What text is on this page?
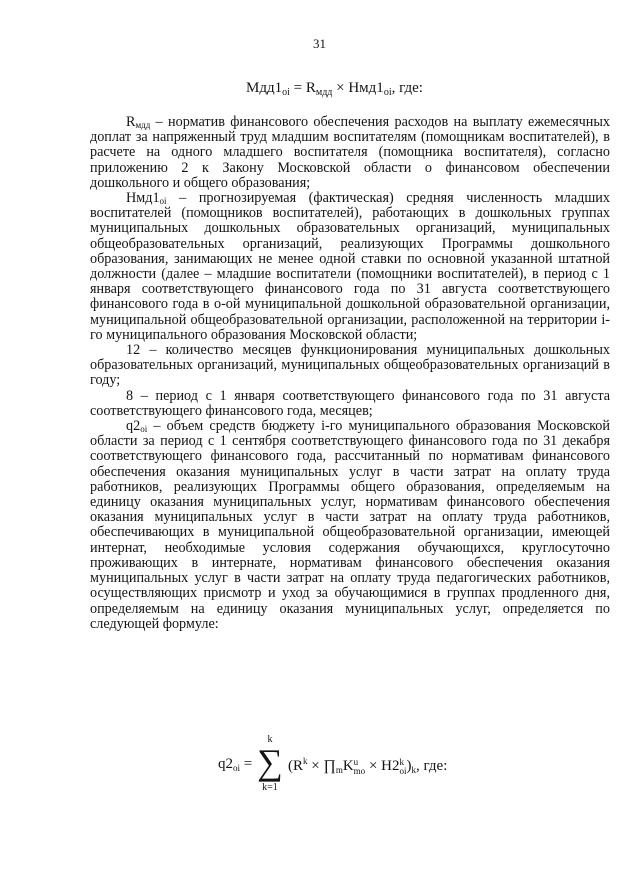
31
$Мдд1_{oi} = R_{мдд} \times Нмд1_{oi}$, где:

$R_{мдд}$ – норматив финансового обеспечения расходов на выплату ежемесячных доплат за напряженный труд младшим воспитателям (помощникам воспитателей), в расчете на одного младшего воспитателя (помощника воспитателя), согласно приложению 2 к Закону Московской области о финансовом обеспечении дошкольного и общего образования;

$Нмд1_{oi}$ – прогнозируемая (фактическая) средняя численность младших воспитателей (помощников воспитателей), работающих в дошкольных группах муниципальных дошкольных образовательных организаций, муниципальных общеобразовательных организаций, реализующих Программы дошкольного образования, занимающих не менее одной ставки по основной указанной штатной должности (далее – младшие воспитатели (помощники воспитателей), в период с 1 января соответствующего финансового года по 31 августа соответствующего финансового года в о-ой муниципальной дошкольной образовательной организации, муниципальной общеобразовательной организации, расположенной на территории i-го муниципального образования Московской области;

12 – количество месяцев функционирования муниципальных дошкольных образовательных организаций, муниципальных общеобразовательных организаций в году;

8 – период с 1 января соответствующего финансового года по 31 августа соответствующего финансового года, месяцев;

$q2_{oi}$ – объем средств бюджету i-го муниципального образования Московской области за период с 1 сентября соответствующего финансового года по 31 декабря соответствующего финансового года, рассчитанный по нормативам финансового обеспечения оказания муниципальных услуг в части затрат на оплату труда работников, реализующих Программы общего образования, определяемым на единицу оказания муниципальных услуг, нормативам финансового обеспечения оказания муниципальных услуг в части затрат на оплату труда работников, обеспечивающих в муниципальной общеобразовательной организации, имеющей интернат, необходимые условия содержания обучающихся, круглосуточно проживающих в интернате, нормативам финансового обеспечения оказания муниципальных услуг в части затрат на оплату труда педагогических работников, осуществляющих присмотр и уход за обучающимися в группах продленного дня, определяемым на единицу оказания муниципальных услуг, определяется по следующей формуле:

$q2_{oi}$ =
k
∑
k=1
($R^k$ × $\prod_mKu$
mo × Н2k
$oi)_k$, где:
